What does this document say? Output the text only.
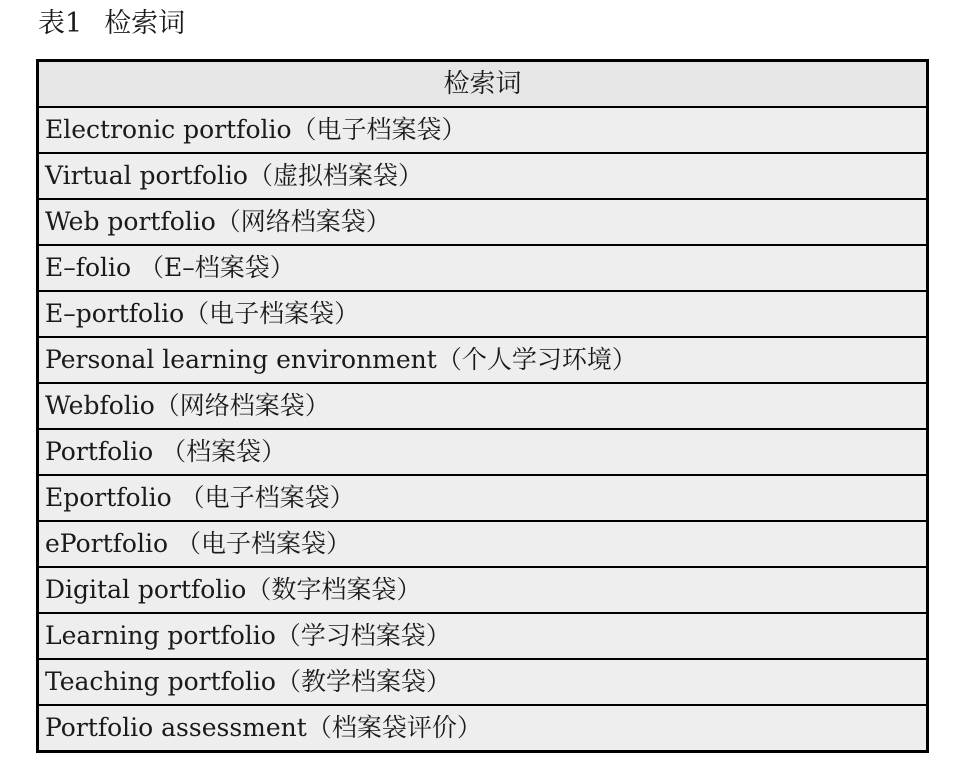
表1 检索词
检索词
Electronic portfolio（电子档案袋）
Virtual portfolio（虚拟档案袋）
Web portfolio（网络档案袋）
E–folio （E–档案袋）
E–portfolio（电子档案袋）
Personal learning environment（个人学习环境）
Webfolio（网络档案袋）
Portfolio （档案袋）
Eportfolio （电子档案袋）
ePortfolio （电子档案袋）
Digital portfolio（数字档案袋）
Learning portfolio（学习档案袋）
Teaching portfolio（教学档案袋）
Portfolio assessment（档案袋评价）
